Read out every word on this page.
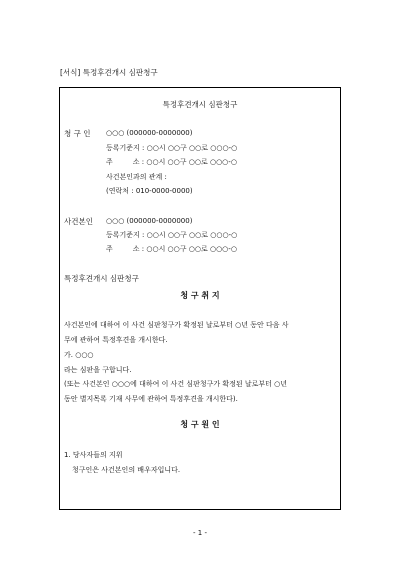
[서식] 특정후견개시 심판청구
특정후견개시 심판청구
청 구 인 ○○○ (000000-0000000)
등록기준지 : ○○시 ○○구 ○○로 ○○○-○
주         소 : ○○시 ○○구 ○○로 ○○○-○
사건본인과의 관계 :
(연락처 : 010-0000-0000)
사건본인 ○○○ (000000-0000000)
등록기준지 : ○○시 ○○구 ○○로 ○○○-○
주         소 : ○○시 ○○구 ○○로 ○○○-○
특정후견개시 심판청구
청 구 취 지
사건본인에 대하여 이 사건 심판청구가 확정된 날로부터 ○년 동안 다음 사
무에 관하여 특정후견을 개시한다.
가. ○○○
라는 심판을 구합니다.
(또는 사건본인 ○○○에 대하여 이 사건 심판청구가 확정된 날로부터 ○년
동안 별지목록 기재 사무에 관하여 특정후견을 개시한다).
청 구 원 인
1. 당사자들의 지위
청구인은 사건본인의 배우자입니다.
- 1 -
